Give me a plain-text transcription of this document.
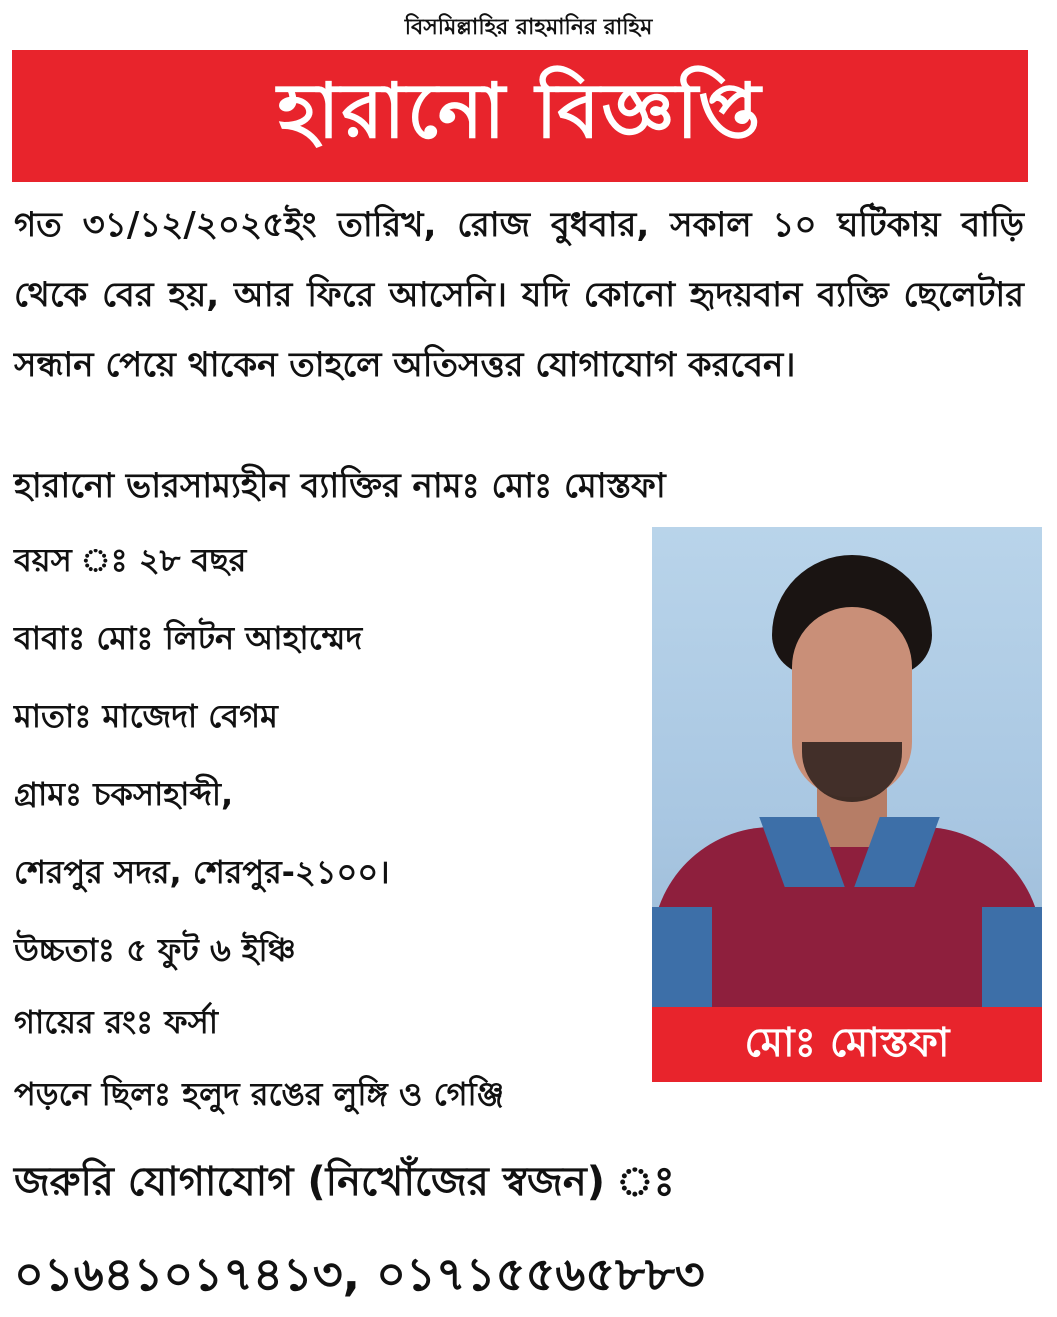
বিসমিল্লাহির রাহমানির রাহিম
হারানো বিজ্ঞপ্তি
গত ৩১/১২/২০২৫ইং তারিখ, রোজ বুধবার, সকাল ১০ ঘটিকায় বাড়ি থেকে বের হয়, আর ফিরে আসেনি। যদি কোনো হৃদয়বান ব্যক্তি ছেলেটার সন্ধান পেয়ে থাকেন তাহলে অতিসত্তর যোগাযোগ করবেন।
হারানো ভারসাম্যহীন ব্যাক্তির নামঃ মোঃ মোস্তফা
বয়স ঃ ২৮ বছর
বাবাঃ মোঃ লিটন আহাম্মেদ
মাতাঃ মাজেদা বেগম
গ্রামঃ চকসাহাব্দী,
শেরপুর সদর, শেরপুর-২১০০।
উচ্চতাঃ ৫ ফুট ৬ ইঞ্চি
গায়ের রংঃ ফর্সা
পড়নে ছিলঃ হলুদ রঙের লুঙ্গি ও গেঞ্জি
মোঃ মোস্তফা
জরুরি যোগাযোগ (নিখোঁজের স্বজন) ঃ
০১৬৪১০১৭৪১৩, ০১৭১৫৫৬৫৮৮৩
